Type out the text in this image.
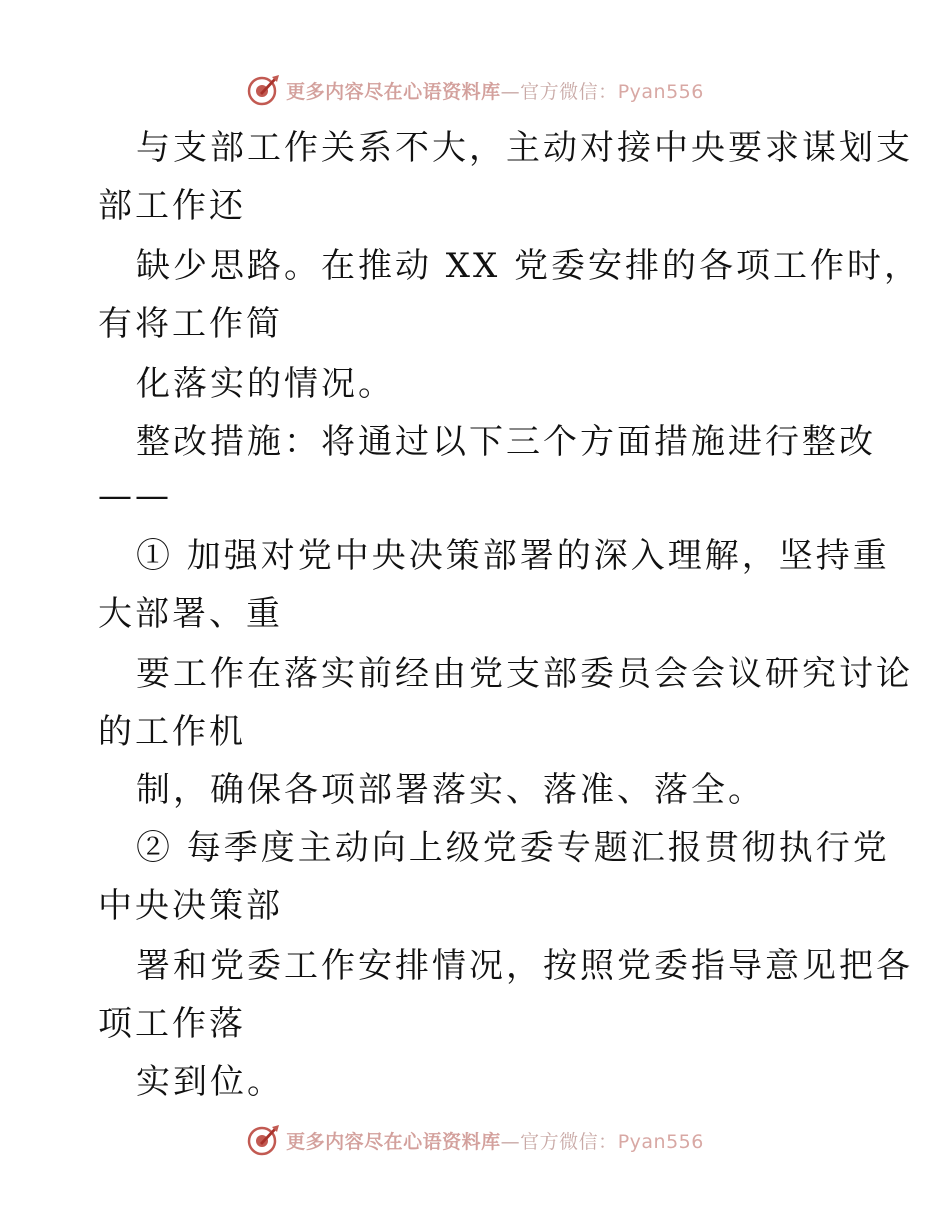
更多内容尽在心语资料库—官方微信：Pyan556
与支部工作关系不大，主动对接中央要求谋划支
部工作还
缺少思路。在推动 XX 党委安排的各项工作时，
有将工作简
化落实的情况。
整改措施：将通过以下三个方面措施进行整改
——
① 加强对党中央决策部署的深入理解，坚持重
大部署、重
要工作在落实前经由党支部委员会会议研究讨论
的工作机
制，确保各项部署落实、落准、落全。
② 每季度主动向上级党委专题汇报贯彻执行党
中央决策部
署和党委工作安排情况，按照党委指导意见把各
项工作落
实到位。
更多内容尽在心语资料库—官方微信：Pyan556
